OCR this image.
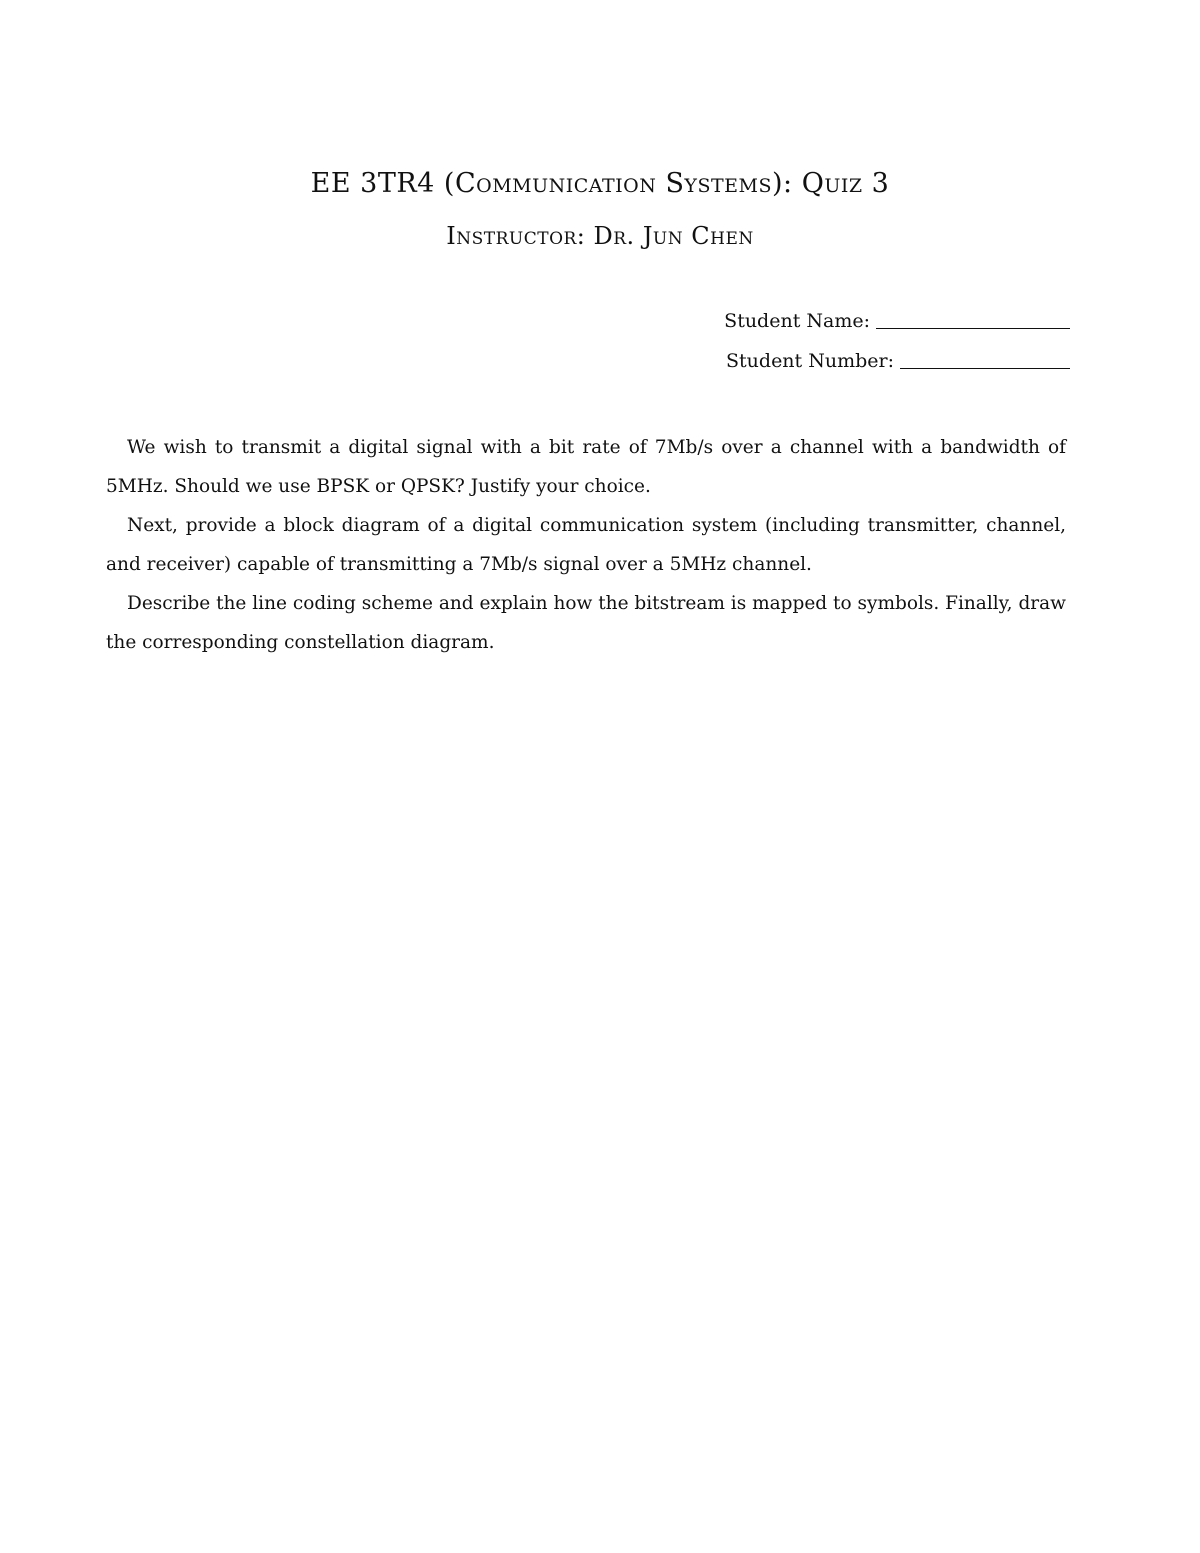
EE 3TR4 (Communication Systems): Quiz 3
Instructor: Dr. Jun Chen
Student Name:
Student Number:

We wish to transmit a digital signal with a bit rate of 7Mb/s over a channel with a bandwidth of 5MHz. Should we use BPSK or QPSK? Justify your choice.

Next, provide a block diagram of a digital communication system (including transmitter, channel, and receiver) capable of transmitting a 7Mb/s signal over a 5MHz channel.

Describe the line coding scheme and explain how the bitstream is mapped to symbols. Finally, draw the corresponding constellation diagram.
